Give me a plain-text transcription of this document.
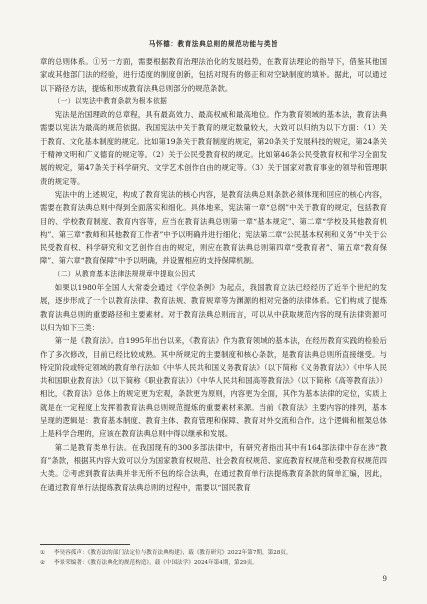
马怀德：教育法典总则的规范功能与类旨

章的总则体系。①另一方面，需要根据教育治理法治化的发展趋势，在教育法理论的指导下，借鉴其他国家或其他部门法的经验，进行适度的制度创新，包括对现有的修正和对空缺制度的填补。据此，可以通过以下路径方法，提炼和形成教育法典总则部分的规范条款。

（一）以宪法中教育条款为根本依据

宪法是治国理政的总章程，具有最高效力、最高权威和最高地位。作为教育领域的基本法，教育法典需要以宪法为最高的规范依据。我国宪法中关于教育的规定数量较大，大致可以归纳为以下方面：（1）关于教育、文化基本制度的规定。比如第19条关于教育制度的规定，第20条关于发展科技的规定，第24条关于精神文明和广义德育的规定等。（2）关于公民受教育权的规定。比如第46条公民受教育权和学习全面发展的规定，第47条关于科学研究、文学艺术创作自由的规定等。（3）关于国家对教育事业的领导和管理职责的规定等。

宪法中的上述规定，构成了教育宪法的核心内容，是教育法典总则条款必须体现和回应的核心内容，需要在教育法典总则中得到全面落实和细化。具体地来，宪法第一章“总纲”中关于教育的规定，包括教育目的、学校教育制度、教育内容等，应当在教育法典总则第一章“基本规定”、第二章“学校及其他教育机构”、第三章“教师和其他教育工作者”中予以明确并进行细化；宪法第二章“公民基本权利和义务”中关于公民受教育权、科学研究和文艺创作自由的规定，则应在教育法典总则第四章“受教育者”、第五章“教育保障”、第六章“教育保障”中予以明确，并设置相应的支持保障机制。

（二）从教育基本法律法规规章中提取公因式

如果以1980年全国人大常委会通过《学位条例》为起点，我国教育立法已经经历了近半个世纪的发展，逐步形成了一个以教育法律、教育法规、教育规章等为渊源的相对完备的法律体系。它们构成了提炼教育法典总则的重要路径和主要素材。对于教育法典总则而言，可以从中获取规范内容的现有法律资源可以归为如下三类：

第一是《教育法》。自1995年出台以来，《教育法》作为教育领域的基本法，在经历教育实践的检验后作了多次修改，目前已经比较成熟。其中所规定的主要制度和核心条款，是教育法典总则所直接继受。与特定阶段或特定领域的教育单行法如《中华人民共和国义务教育法》（以下简称《义务教育法》）《中华人民共和国职业教育法》（以下简称《职业教育法》）《中华人民共和国高等教育法》（以下简称《高等教育法》）相比，《教育法》总体上的规定更为宏观，条款更为原则，内容更为全面，其作为基本法律的定位，实质上就是在一定程度上发挥着教育法典总则规范提炼的重要素材来源。当前《教育法》主要内容的排列，基本呈现的逻辑是：教育基本制度、教育主体、教育管理和保障、教育对外交流和合作。这个逻辑和框架总体上是科学合理的，应该在教育法典总则中得以继承和发展。

第二是教育类单行法。在我国现有的300多部法律中，有研究者指出其中有164部法律中存在涉“教育”条款，根据其内容大致可以分为国家教育权规范、社会教育权规范、家庭教育权规范和受教育权规范四大类。②考虑到教育法典并非无所不包的综合法典，在通过教育单行法提炼教育条款的简单汇编，因此，在通过教育单行法提炼教育法典总则的过程中，需要以“国民教育

① 李昊容孤声：《教育法的部门法定位与教育法典构建》，载《教育研究》2022年第7期，第28页。

② 李景荣编著：《教育法典化的规范构造》，载《中国法学》2024年第4期，第29页。

9
